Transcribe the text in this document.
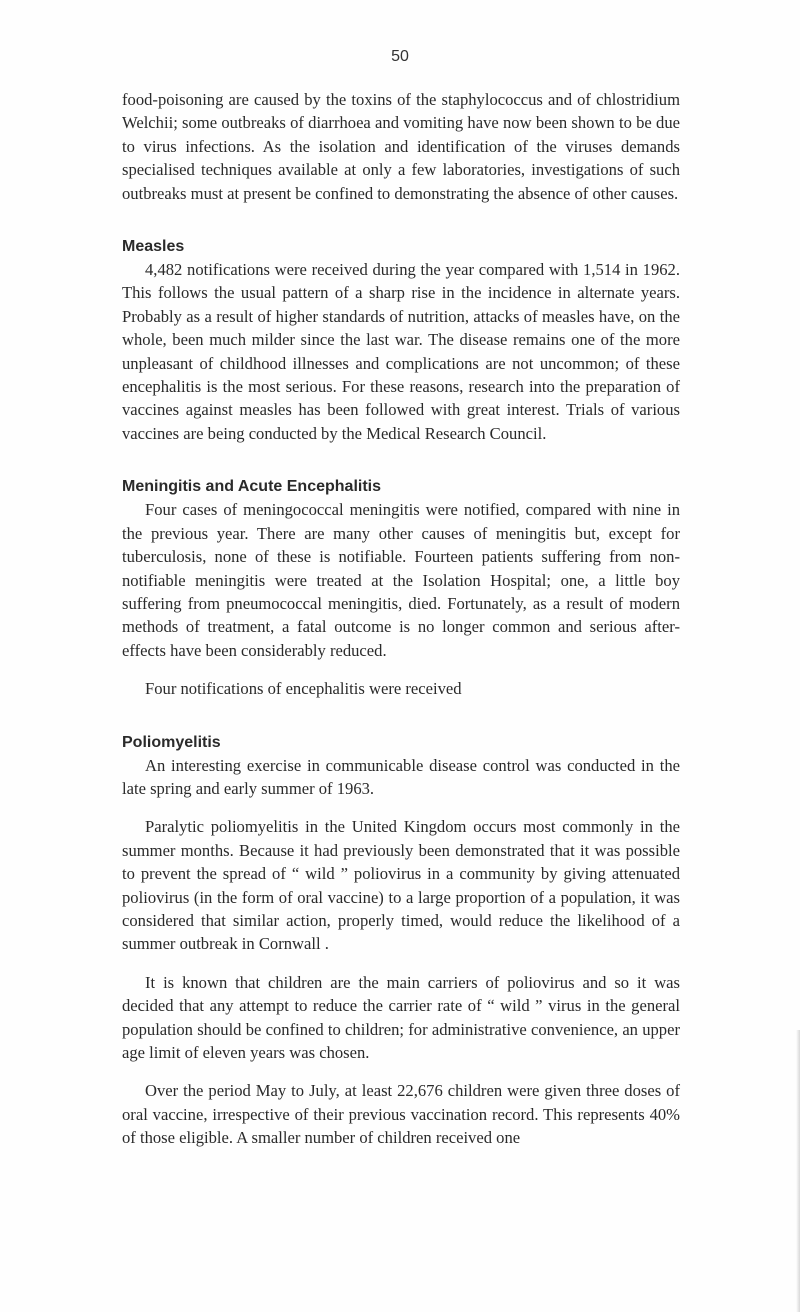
50

food-poisoning are caused by the toxins of the staphylococcus and of chlostridium Welchii; some outbreaks of diarrhoea and vomiting have now been shown to be due to virus infections. As the isolation and identification of the viruses demands specialised techniques available at only a few laboratories, investigations of such outbreaks must at present be confined to demonstrating the absence of other causes.

Measles

4,482 notifications were received during the year compared with 1,514 in 1962. This follows the usual pattern of a sharp rise in the incidence in alternate years. Probably as a result of higher standards of nutrition, attacks of measles have, on the whole, been much milder since the last war. The disease remains one of the more unpleasant of childhood illnesses and complications are not uncommon; of these encephalitis is the most serious. For these reasons, research into the preparation of vaccines against measles has been followed with great interest. Trials of various vaccines are being conducted by the Medical Research Council.

Meningitis and Acute Encephalitis

Four cases of meningococcal meningitis were notified, compared with nine in the previous year. There are many other causes of meningitis but, except for tuberculosis, none of these is notifiable. Fourteen patients suffering from non-notifiable meningitis were treated at the Isolation Hospital; one, a little boy suffering from pneumococcal meningitis, died. Fortunately, as a result of modern methods of treatment, a fatal outcome is no longer common and serious after-effects have been considerably reduced.

Four notifications of encephalitis were received

Poliomyelitis

An interesting exercise in communicable disease control was conducted in the late spring and early summer of 1963.

Paralytic poliomyelitis in the United Kingdom occurs most commonly in the summer months. Because it had previously been demonstrated that it was possible to prevent the spread of “ wild ” poliovirus in a community by giving attenuated poliovirus (in the form of oral vaccine) to a large proportion of a population, it was considered that similar action, properly timed, would reduce the likelihood of a summer outbreak in Cornwall .

It is known that children are the main carriers of poliovirus and so it was decided that any attempt to reduce the carrier rate of “ wild ” virus in the general population should be confined to children; for administrative convenience, an upper age limit of eleven years was chosen.

Over the period May to July, at least 22,676 children were given three doses of oral vaccine, irrespective of their previous vaccination record. This represents 40% of those eligible. A smaller number of children received one
